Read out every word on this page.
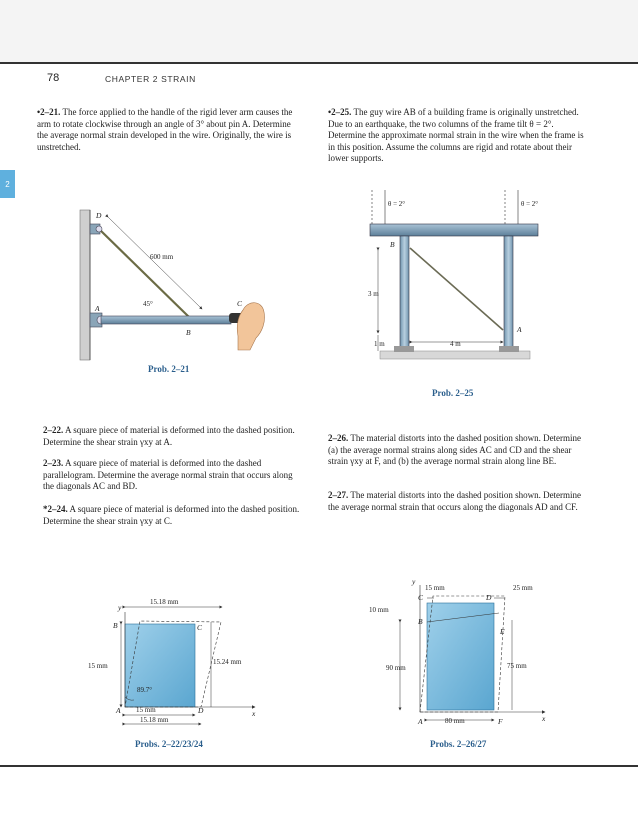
78	CHAPTER 2 STRAIN
2

•2–21. The force applied to the handle of the rigid lever arm causes the arm to rotate clockwise through an angle of 3° about pin A. Determine the average normal strain developed in the wire. Originally, the wire is unstretched.

•2–25. The guy wire AB of a building frame is originally unstretched. Due to an earthquake, the two columns of the frame tilt θ = 2°. Determine the approximate normal strain in the wire when the frame is in this position. Assume the columns are rigid and rotate about their lower supports.

2–22. A square piece of material is deformed into the dashed position. Determine the shear strain γxy at A.

2–23. A square piece of material is deformed into the dashed parallelogram. Determine the average normal strain that occurs along the diagonals AC and BD.

*2–24. A square piece of material is deformed into the dashed position. Determine the shear strain γxy at C.

2–26. The material distorts into the dashed position shown. Determine (a) the average normal strains along sides AC and CD and the shear strain γxy at F, and (b) the average normal strain along line BE.

2–27. The material distorts into the dashed position shown. Determine the average normal strain that occurs along the diagonals AD and CF.

600 mm
45°
D
A
B
C
Prob. 2–21
θ = 2°	θ = 2°
3 m
1 m	4 m
B
A
Prob. 2–25
x
y
15.18 mm
15 mm	15.24 mm
15 mm
15.18 mm
89.7°
B	C
A	D
Probs. 2–22/23/24
x
y
15 mm	25 mm
10 mm
90 mm	75 mm
80 mm
C	D
B
E
A	F
Probs. 2–26/27
